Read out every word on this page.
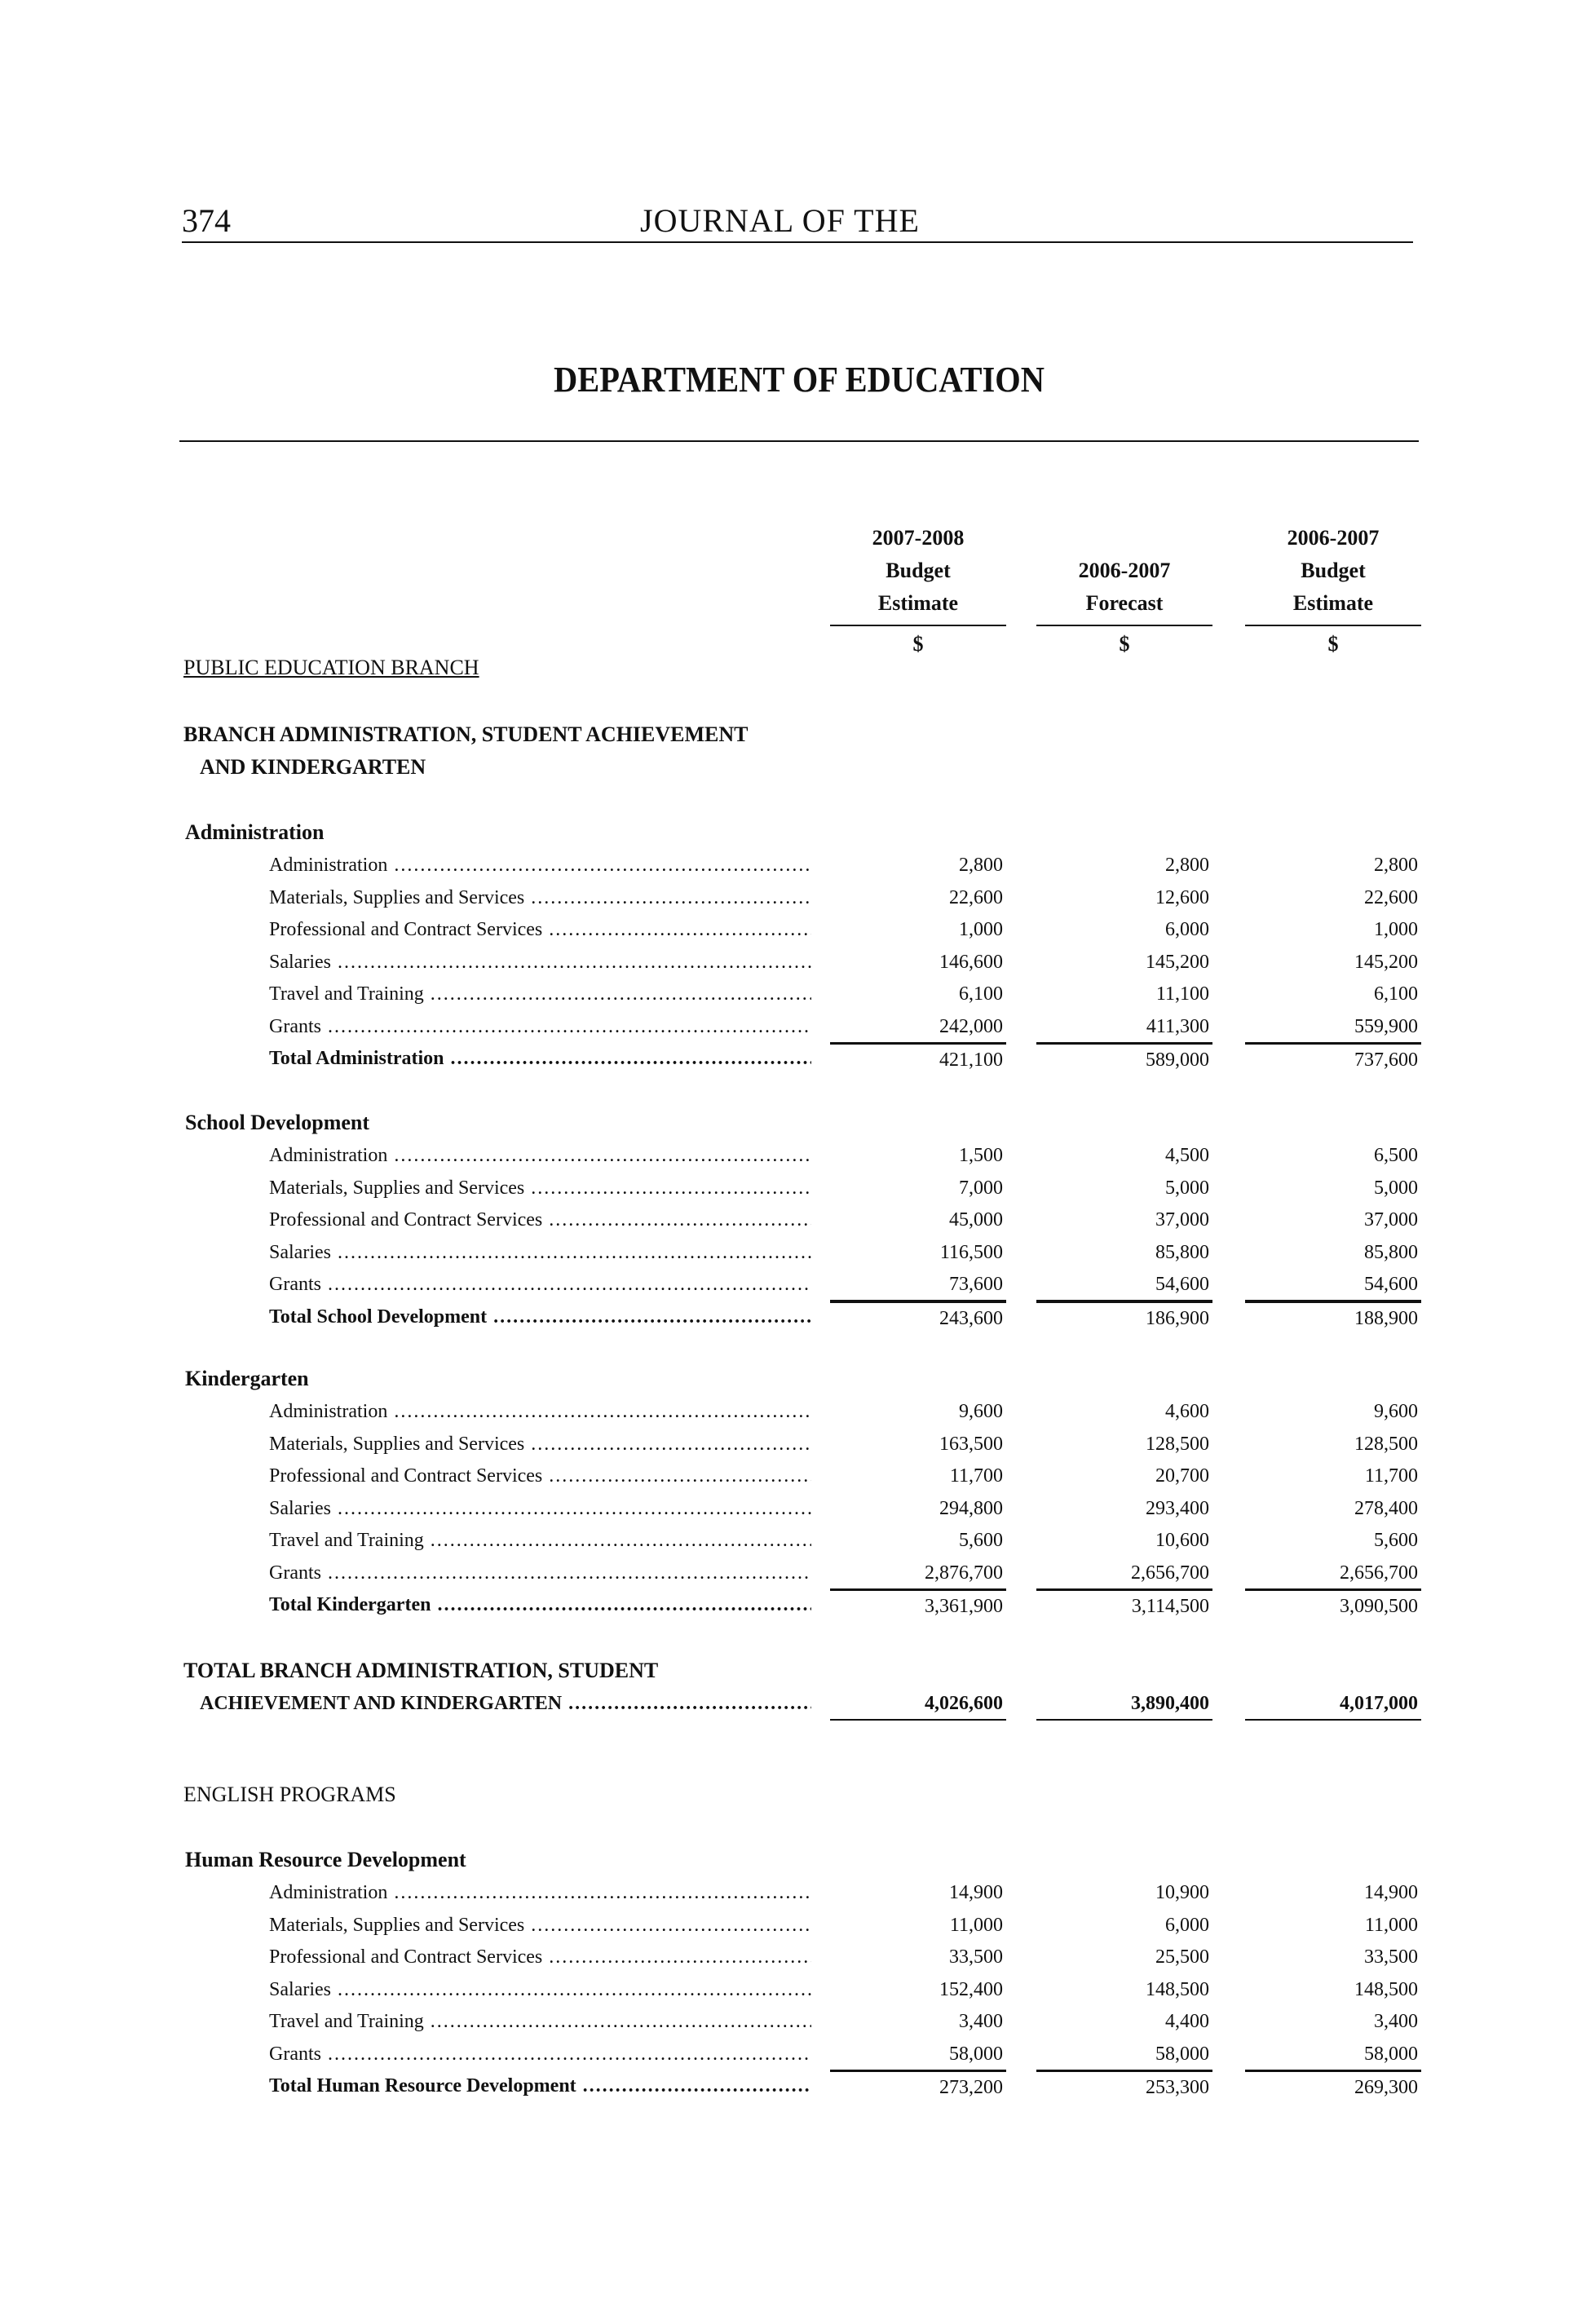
374	JOURNAL OF THE
DEPARTMENT OF EDUCATION
2007-2008
Budget
Estimate
$
2006-2007
Forecast
$
2006-2007
Budget
Estimate
$
PUBLIC EDUCATION BRANCH
BRANCH ADMINISTRATION, STUDENT ACHIEVEMENT
AND KINDERGARTEN
Administration
Administration .....	2,800	2,800	2,800
Materials, Supplies and Services .....	22,600	12,600	22,600
Professional and Contract Services .....	1,000	6,000	1,000
Salaries .....	146,600	145,200	145,200
Travel and Training .....	6,100	11,100	6,100
Grants .....	242,000	411,300	559,900
Total Administration .....	421,100	589,000	737,600
School Development
Administration .....	1,500	4,500	6,500
Materials, Supplies and Services .....	7,000	5,000	5,000
Professional and Contract Services .....	45,000	37,000	37,000
Salaries .....	116,500	85,800	85,800
Grants .....	73,600	54,600	54,600
Total School Development .....	243,600	186,900	188,900
Kindergarten
Administration .....	9,600	4,600	9,600
Materials, Supplies and Services .....	163,500	128,500	128,500
Professional and Contract Services .....	11,700	20,700	11,700
Salaries .....	294,800	293,400	278,400
Travel and Training .....	5,600	10,600	5,600
Grants .....	2,876,700	2,656,700	2,656,700
Total Kindergarten .....	3,361,900	3,114,500	3,090,500
TOTAL BRANCH ADMINISTRATION, STUDENT
ACHIEVEMENT AND KINDERGARTEN .....	4,026,600	3,890,400	4,017,000
ENGLISH PROGRAMS
Human Resource Development
Administration .....	14,900	10,900	14,900
Materials, Supplies and Services .....	11,000	6,000	11,000
Professional and Contract Services .....	33,500	25,500	33,500
Salaries .....	152,400	148,500	148,500
Travel and Training .....	3,400	4,400	3,400
Grants .....	58,000	58,000	58,000
Total Human Resource Development .....	273,200	253,300	269,300
